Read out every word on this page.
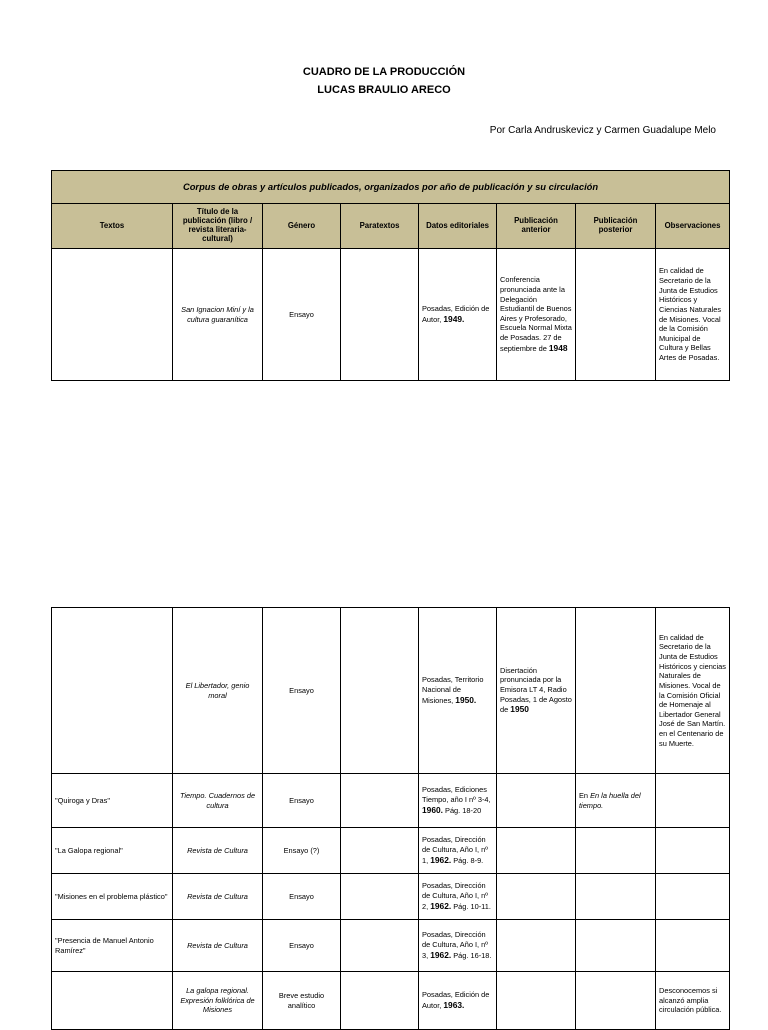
CUADRO DE LA PRODUCCIÓN
LUCAS BRAULIO ARECO
Por Carla Andruskevicz y Carmen Guadalupe Melo
Corpus de obras y artículos publicados, organizados por año de publicación y su circulación							
Textos	Título de la publicación (libro / revista literaria-cultural)	Género	Paratextos	Datos editoriales	Publicación anterior	Publicación posterior	Observaciones
	San Ignacion Miní y la cultura guaranítica	Ensayo		Posadas, Edición de Autor, 1949.	Conferencia pronunciada ante la Delegación Estudiantil de Buenos Aires y Profesorado, Escuela Normal Mixta de Posadas. 27 de septiembre de 1948		En calidad de Secretario de la Junta de Estudios Históricos y Ciencias Naturales de Misiones. Vocal de la Comisión Municipal de Cultura y Bellas Artes de Posadas.
	El Libertador, genio moral	Ensayo		Posadas, Territorio Nacional de Misiones, 1950.	Disertación pronunciada por la Emisora LT 4, Radio Posadas, 1 de Agosto de 1950		En calidad de Secretario de la Junta de Estudios Históricos y ciencias Naturales de Misiones. Vocal de la Comisión Oficial de Homenaje al Libertador General José de San Martín. en el Centenario de su Muerte.
"Quiroga y Dras"	Tiempo. Cuadernos de cultura	Ensayo		Posadas, Ediciones Tiempo, año I nº 3-4, 1960. Pág. 18-20		En En la huella del tiempo.	
"La Galopa regional"	Revista de Cultura	Ensayo (?)		Posadas, Dirección de Cultura, Año I, nº 1, 1962. Pág. 8-9.			
"Misiones en el problema plástico"	Revista de Cultura	Ensayo		Posadas, Dirección de Cultura, Año I, nº 2, 1962. Pág. 10-11.			
"Presencia de Manuel Antonio Ramírez"	Revista de Cultura	Ensayo		Posadas, Dirección de Cultura, Año I, nº 3, 1962. Pág. 16-18.			
	La galopa regional. Expresión folklórica de Misiones	Breve estudio analítico		Posadas, Edición de Autor, 1963.			Desconocemos si alcanzó amplia circulación pública.
